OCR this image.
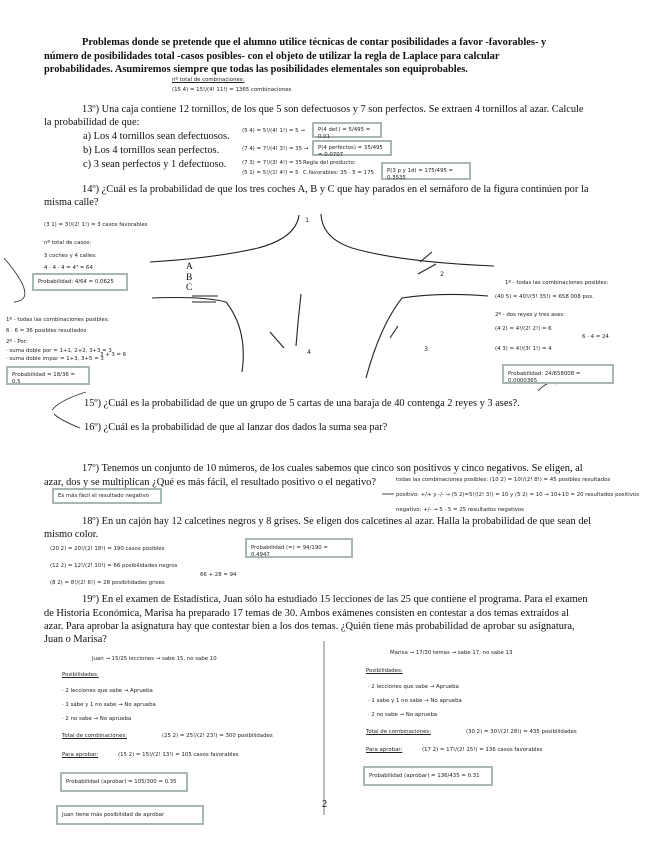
Problemas donde se pretende que el alumno utilice técnicas de contar posibilidades a favor -favorables- y
número de posibilidades total -casos posibles- con el objeto de utilizar la regla de Laplace para calcular
probabilidades. Asumiremos siempre que todas las posibilidades elementales son equiprobables.
nº total de combinaciones:
(15 4) = 15!/(4! 11!) = 1365 combinaciones
13º) Una caja contiene 12 tornillos, de los que 5 son defectuosos y 7 son perfectos. Se extraen 4 tornillos al azar. Calcule
la probabilidad de que:
a) Los 4 tornillos sean defectuosos.
b) Los 4 tornillos sean perfectos.
c) 3 sean perfectos y 1 defectuoso.
(5 4) = 5!/(4! 1!) = 5 →	P(4 def.) = 5/495 = 0.01
(7 4) = 7!/(4! 3!) = 35 →	P(4 perfectos) = 35/495 = 0.0707
(7 3) = 7!/(3! 4!) = 35
(5 1) = 5!/(1! 4!) = 5
Regla del producto:
C.favorables: 35 · 5 = 175	P(3 p y 1d) = 175/495 = 0.3535
14º) ¿Cuál es la probabilidad de que los tres coches A, B y C que hay parados en el semáforo de la figura continúen por la
misma calle?
A
B
C
1
2
3
4
(3 1) = 3!/(2! 1!) = 3 casos favorables
nº total de casos:
3 coches y 4 calles:
4 · 4 · 4 = 4³ = 64
Probabilidad: 4/64 = 0.0625
1º - todas las combinaciones posibles:
6 · 6 = 36 posibles resultados
2º - Por:
· suma doble por = 1+1, 2+2, 3+3 = 3
· suma doble impar = 1+3, 3+5 = 3
3 + 3 = 6
Probabilidad = 18/36 = 0.5
1º - todas las combinaciones posibles:
(40 5) = 40!/(5! 35!) = 658 008 pos.
2º - dos reyes y tres ases:
(4 2) = 4!/(2! 2!) = 6
(4 3) = 4!/(3! 1!) = 4
6 · 4 = 24
Probabilidad: 24/658008 = 0.0000365
15º) ¿Cuál es la probabilidad de que un grupo de 5 cartas de una baraja de 40 contenga 2 reyes y 3 ases?.
16º) ¿Cuál es la probabilidad de que al lanzar dos dados la suma sea par?
17º) Tenemos un conjunto de 10 números, de los cuales sabemos que cinco son positivos y cinco negativos. Se eligen, al
azar, dos y se multiplican ¿Qué es más fácil, el resultado positivo o el negativo?
Es más fácil el resultado negativo
todas las combinaciones posibles: (10 2) = 10!/(2! 8!) = 45 posibles resultados
positivo: +/+ y -/- → (5 2)=5!/(2! 3!) = 10 y (5 2) = 10 → 10+10 = 20 resultados positivos
negativo: +/- → 5 · 5 = 25 resultados negativos
18º) En un cajón hay 12 calcetines negros y 8 grises. Se eligen dos calcetines al azar. Halla la probabilidad de que sean del
mismo color.
(20 2) = 20!/(2! 18!) = 190 casos posibles
(12 2) = 12!/(2! 10!) = 66 posibilidades negros
(8 2) = 8!/(2! 6!) = 28 posibilidades grises
66 + 28 = 94
Probabilidad (=) = 94/190 = 0.4947
19º) En el examen de Estadística, Juan sólo ha estudiado 15 lecciones de las 25 que contiene el programa. Para el examen
de Historia Económica, Marisa ha preparado 17 temas de 30. Ambos exámenes consisten en contestar a dos temas extraídos al
azar. Para aprobar la asignatura hay que contestar bien a los dos temas. ¿Quién tiene más probabilidad de aprobar su asignatura,
Juan o Marisa?
Juan → 15/25 lecciones → sabe 15, no sabe 10
Posibilidades:
· 2 lecciones que sabe → Aprueba
· 1 sabe y 1 no sabe → No aprueba
· 2 no sabe → No aprueba
Total de combinaciones:	(25 2) = 25!/(2! 23!) = 300 posibilidades
Para aprobar:	(15 2) = 15!/(2! 13!) = 105 casos favorables
Probabilidad (aprobar) = 105/300 = 0.35
Juan tiene más posibilidad de aprobar
Marisa → 17/30 temas → sabe 17, no sabe 13
Posibilidades:
· 2 lecciones que sabe → Aprueba
· 1 sabe y 1 no sabe → No aprueba
· 2 no sabe → No aprueba
Total de combinaciones:	(30 2) = 30!/(2! 28!) = 435 posibilidades
Para aprobar:	(17 2) = 17!/(2! 15!) = 136 casos favorables
Probabilidad (aprobar) = 136/435 = 0.31
2
